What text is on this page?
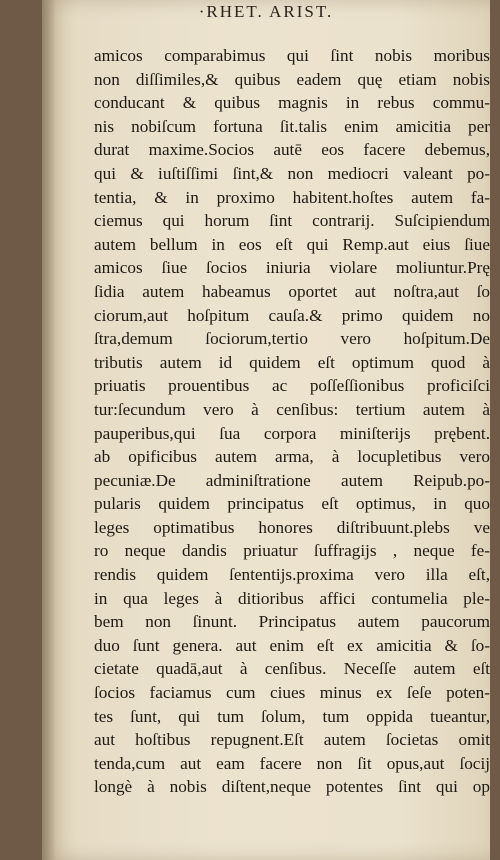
·RHET. ARIST.
amicos comparabimus qui ſint nobis moribus
non diſſimiles,& quibus eadem quę etiam nobis
conducant & quibus magnis in rebus commu-
nis nobiſcum fortuna ſit.talis enim amicitia per
durat maxime.Socios autē eos facere debemus,
qui & iuſtiſſimi ſint,& non mediocri valeant po-
tentia, & in proximo habitent.hoſtes autem fa-
ciemus qui horum ſint contrarij. Suſcipiendum
autem bellum in eos eſt qui Remp.aut eius ſiue
amicos ſiue ſocios iniuria violare moliuntur.Prę
ſidia autem habeamus oportet aut noſtra,aut ſo
ciorum,aut hoſpitum cauſa.& primo quidem no
ſtra,demum ſociorum,tertio vero hoſpitum.De
tributis autem id quidem eſt optimum quod à
priuatis prouentibus ac poſſeſſionibus proficiſci
tur:ſecundum vero à cenſibus: tertium autem à
pauperibus,qui ſua corpora miniſterijs prębent.
ab opificibus autem arma, à locupletibus vero
pecuniæ.De adminiſtratione autem Reipub.po-
pularis quidem principatus eſt optimus, in quo
leges optimatibus honores diſtribuunt.plebs ve
ro neque dandis priuatur ſuffragijs , neque fe-
rendis quidem ſententijs.proxima vero illa eſt,
in qua leges à ditioribus affici contumelia ple-
bem non ſinunt. Principatus autem paucorum
duo ſunt genera. aut enim eſt ex amicitia & ſo-
cietate quadā,aut à cenſibus. Neceſſe autem eſt
ſocios faciamus cum ciues minus ex ſeſe poten-
tes ſunt, qui tum ſolum, tum oppida tueantur,
aut hoſtibus repugnent.Eſt autem ſocietas omit
tenda,cum aut eam facere non ſit opus,aut ſocij
longè à nobis diſtent,neque potentes ſint qui op
